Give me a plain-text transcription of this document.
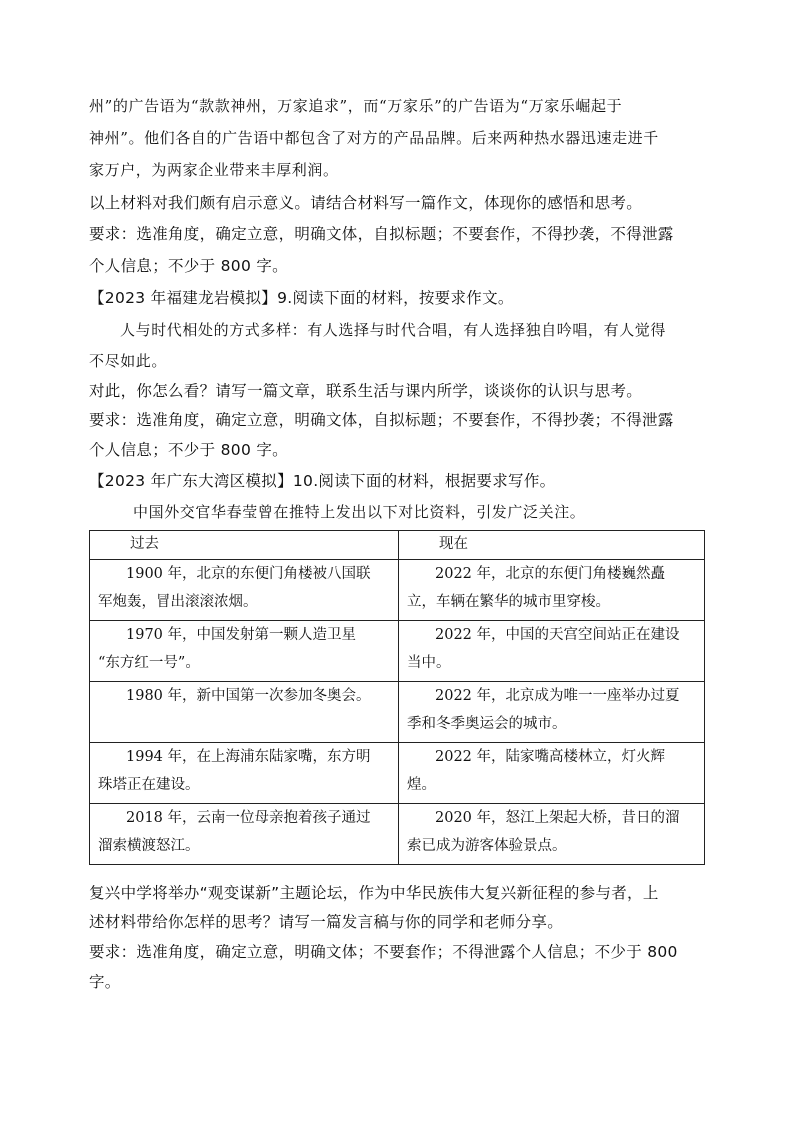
州”的广告语为“款款神州，万家追求”，而“万家乐”的广告语为“万家乐崛起于
神州”。他们各自的广告语中都包含了对方的产品品牌。后来两种热水器迅速走进千
家万户，为两家企业带来丰厚利润。
以上材料对我们颇有启示意义。请结合材料写一篇作文，体现你的感悟和思考。
要求：选准角度，确定立意，明确文体，自拟标题；不要套作，不得抄袭，不得泄露
个人信息；不少于 800 字。
【2023 年福建龙岩模拟】9.阅读下面的材料，按要求作文。
人与时代相处的方式多样：有人选择与时代合唱，有人选择独自吟唱，有人觉得
不尽如此。
对此，你怎么看？请写一篇文章，联系生活与课内所学，谈谈你的认识与思考。
要求：选准角度，确定立意，明确文体，自拟标题；不要套作，不得抄袭；不得泄露
个人信息；不少于 800 字。
【2023 年广东大湾区模拟】10.阅读下面的材料，根据要求写作。
中国外交官华春莹曾在推特上发出以下对比资料，引发广泛关注。
过去	现在
1900 年，北京的东便门角楼被八国联
军炮轰，冒出滚滚浓烟。	2022 年，北京的东便门角楼巍然矗
立，车辆在繁华的城市里穿梭。
1970 年，中国发射第一颗人造卫星
“东方红一号”。	2022 年，中国的天宫空间站正在建设
当中。
1980 年，新中国第一次参加冬奥会。	2022 年，北京成为唯一一座举办过夏
季和冬季奥运会的城市。
1994 年，在上海浦东陆家嘴，东方明
珠塔正在建设。	2022 年，陆家嘴高楼林立，灯火辉
煌。
2018 年，云南一位母亲抱着孩子通过
溜索横渡怒江。	2020 年，怒江上架起大桥，昔日的溜
索已成为游客体验景点。
复兴中学将举办“观变谋新”主题论坛，作为中华民族伟大复兴新征程的参与者，上
述材料带给你怎样的思考？请写一篇发言稿与你的同学和老师分享。
要求：选准角度，确定立意，明确文体；不要套作；不得泄露个人信息；不少于 800
字。
